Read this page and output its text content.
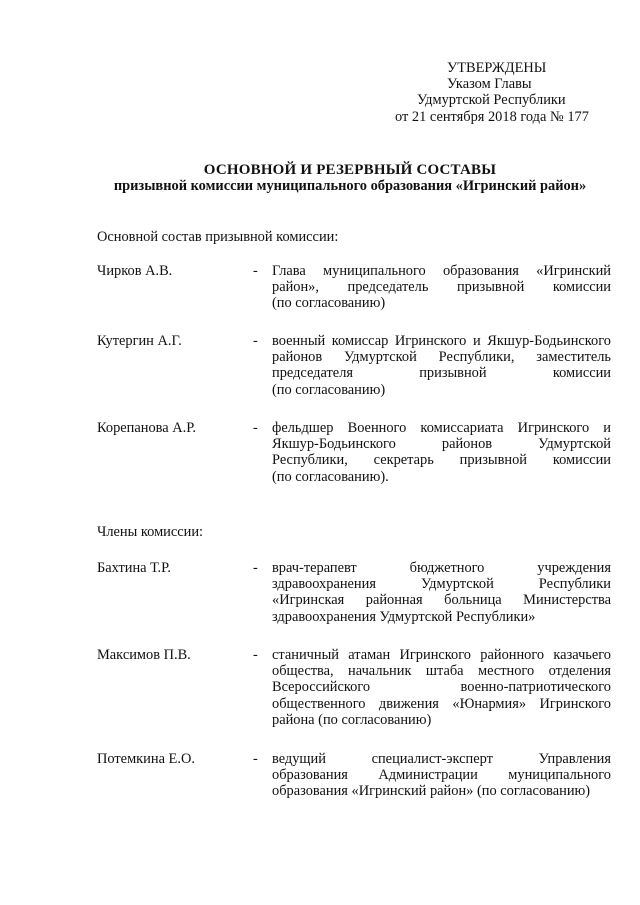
УТВЕРЖДЕНЫ
Указом Главы
Удмуртской Республики
от 21 сентября 2018 года № 177
ОСНОВНОЙ И РЕЗЕРВНЫЙ СОСТАВЫ
призывной комиссии муниципального образования «Игринский район»
Основной состав призывной комиссии:
Чирков А.В.	- Глава муниципального образования «Игринский
район», председатель призывной комиссии
(по согласованию)
Кутергин А.Г.	- военный комиссар Игринского и Якшур-Бодьинского
районов Удмуртской Республики, заместитель
председателя призывной комиссии
(по согласованию)
Корепанова А.Р.	- фельдшер Военного комиссариата Игринского и
Якшур-Бодьинского районов Удмуртской
Республики, секретарь призывной комиссии
(по согласованию).
Члены комиссии:
Бахтина Т.Р.	- врач-терапевт бюджетного учреждения
здравоохранения Удмуртской Республики
«Игринская районная больница Министерства
здравоохранения Удмуртской Республики»
Максимов П.В.	- станичный атаман Игринского районного казачьего
общества, начальник штаба местного отделения
Всероссийского военно-патриотического
общественного движения «Юнармия» Игринского
района (по согласованию)
Потемкина Е.О.	- ведущий специалист-эксперт Управления
образования Администрации муниципального
образования «Игринский район» (по согласованию)
